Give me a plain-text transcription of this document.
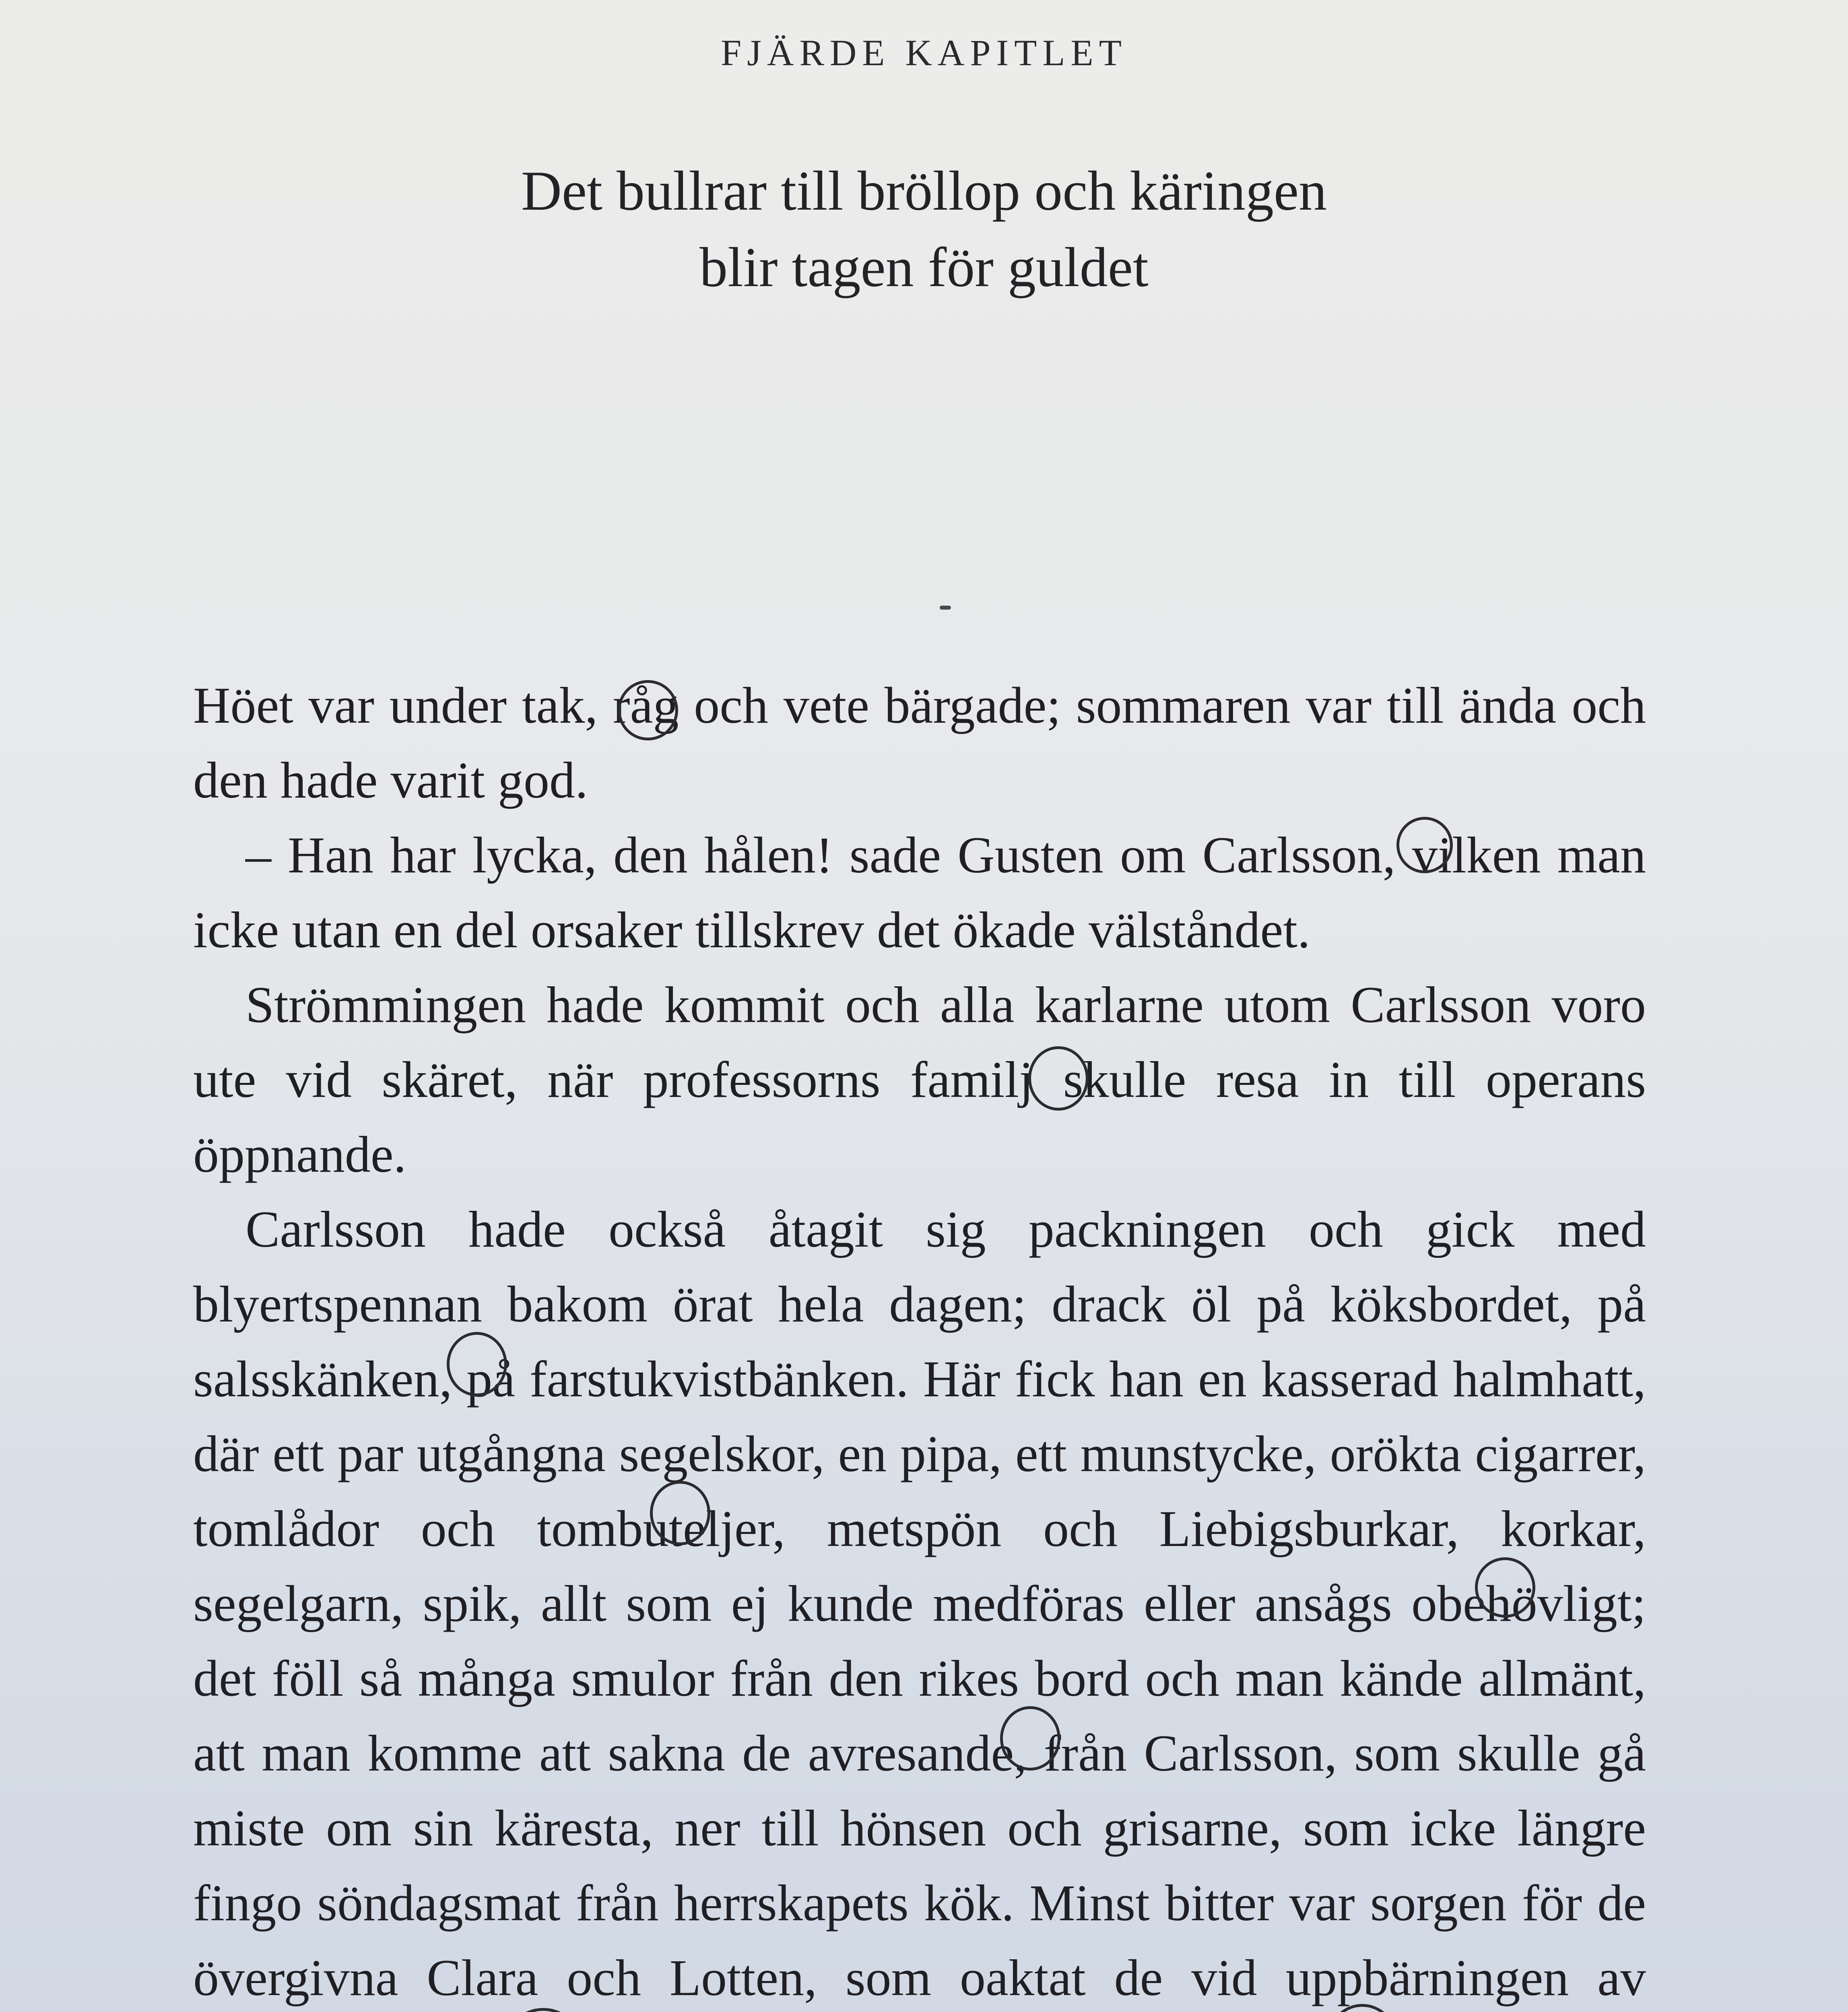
FJÄRDE KAPITLET
Det bullrar till bröllop och käringen
blir tagen för guldet

Höet var under tak, råg och vete bärgade; sommaren var till ända och den hade varit god.

– Han har lycka, den hålen! sade Gusten om Carlsson, vilken man icke utan en del orsaker tillskrev det ökade välståndet.

Strömmingen hade kommit och alla karlarne utom Carlsson voro ute vid skäret, när professorns familj skulle resa in till operans öppnande.

Carlsson hade också åtagit sig packningen och gick med blyertspennan bakom örat hela dagen; drack öl på köksbordet, på salsskänken, på farstukvistbänken. Här fick han en kasserad halmhatt, där ett par utgångna segelskor, en pipa, ett munstycke, orökta cigarrer, tomlådor och tombuteljer, metspön och Liebigsburkar, korkar, segelgarn, spik, allt som ej kunde medföras eller ansågs obehövligt; det föll så många smulor från den rikes bord och man kände allmänt, att man komme att sakna de avresande, från Carlsson, som skulle gå miste om sin käresta, ner till hönsen och grisarne, som icke längre fingo söndagsmat från herrskapets kök. Minst bitter var sorgen för de övergivna Clara och Lotten, som oaktat de vid uppbärningen av
